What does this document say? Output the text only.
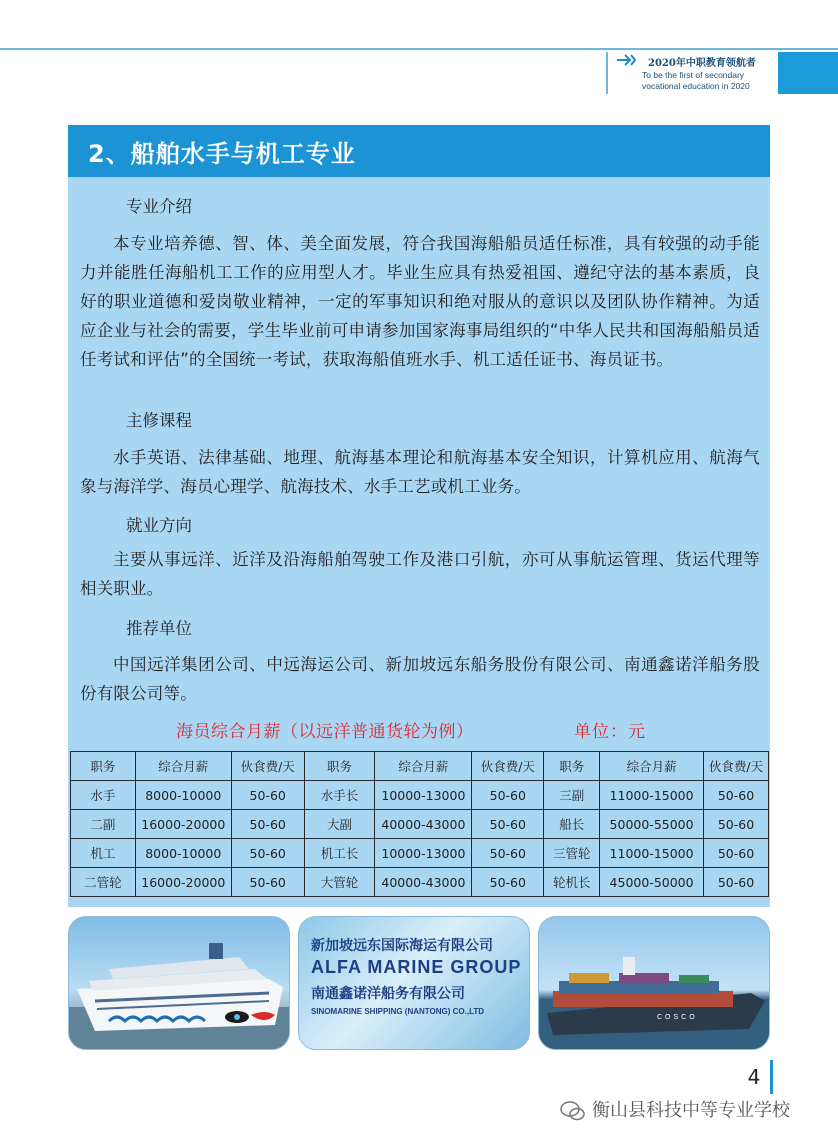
2020年中职教育领航者
To be the first of secondary
vocational education in 2020
2、船舶水手与机工专业
专业介绍

本专业培养德、智、体、美全面发展，符合我国海船船员适任标准，具有较强的动手能力并能胜任海船机工工作的应用型人才。毕业生应具有热爱祖国、遵纪守法的基本素质，良好的职业道德和爱岗敬业精神，一定的军事知识和绝对服从的意识以及团队协作精神。为适应企业与社会的需要，学生毕业前可申请参加国家海事局组织的“中华人民共和国海船船员适任考试和评估”的全国统一考试，获取海船值班水手、机工适任证书、海员证书。

主修课程

水手英语、法律基础、地理、航海基本理论和航海基本安全知识，计算机应用、航海气象与海洋学、海员心理学、航海技术、水手工艺或机工业务。

就业方向

主要从事远洋、近洋及沿海船舶驾驶工作及港口引航，亦可从事航运管理、货运代理等相关职业。

推荐单位

中国远洋集团公司、中远海运公司、新加坡远东船务股份有限公司、南通鑫诺洋船务股份有限公司等。

海员综合月薪（以远洋普通货轮为例）	单位：元
职务	综合月薪	伙食费/天	职务	综合月薪	伙食费/天	职务	综合月薪	伙食费/天
水手	8000-10000	50-60	水手长	10000-13000	50-60	三副	11000-15000	50-60
二副	16000-20000	50-60	大副	40000-43000	50-60	船长	50000-55000	50-60
机工	8000-10000	50-60	机工长	10000-13000	50-60	三管轮	11000-15000	50-60
二管轮	16000-20000	50-60	大管轮	40000-43000	50-60	轮机长	45000-50000	50-60
新加坡远东国际海运有限公司
ALFA MARINE GROUP
南通鑫诺洋船务有限公司
SINOMARINE SHIPPING (NANTONG) CO.,LTD
COSCO
4
衡山县科技中等专业学校
